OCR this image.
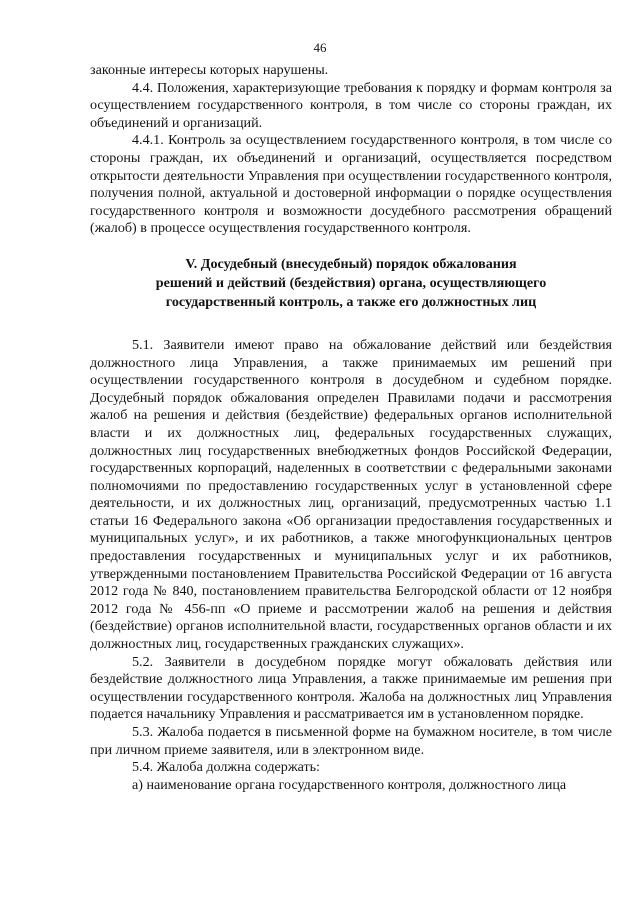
46

законные интересы которых нарушены.

4.4. Положения, характеризующие требования к порядку и формам контроля за осуществлением государственного контроля, в том числе со стороны граждан, их объединений и организаций.

4.4.1. Контроль за осуществлением государственного контроля, в том числе со стороны граждан, их объединений и организаций, осуществляется посредством открытости деятельности Управления при осуществлении государственного контроля, получения полной, актуальной и достоверной информации о порядке осуществления государственного контроля и возможности досудебного рассмотрения обращений (жалоб) в процессе осуществления государственного контроля.

V. Досудебный (внесудебный) порядок обжалования
решений и действий (бездействия) органа, осуществляющего
государственный контроль, а также его должностных лиц

5.1. Заявители имеют право на обжалование действий или бездействия должностного лица Управления, а также принимаемых им решений при осуществлении государственного контроля в досудебном и судебном порядке. Досудебный порядок обжалования определен Правилами подачи и рассмотрения жалоб на решения и действия (бездействие) федеральных органов исполнительной власти и их должностных лиц, федеральных государственных служащих, должностных лиц государственных внебюджетных фондов Российской Федерации, государственных корпораций, наделенных в соответствии с федеральными законами полномочиями по предоставлению государственных услуг в установленной сфере деятельности, и их должностных лиц, организаций, предусмотренных частью 1.1 статьи 16 Федерального закона «Об организации предоставления государственных и муниципальных услуг», и их работников, а также многофункциональных центров предоставления государственных и муниципальных услуг и их работников, утвержденными постановлением Правительства Российской Федерации от 16 августа 2012 года № 840, постановлением правительства Белгородской области от 12 ноября 2012 года № 456-пп «О приеме и рассмотрении жалоб на решения и действия (бездействие) органов исполнительной власти, государственных органов области и их должностных лиц, государственных гражданских служащих».

5.2. Заявители в досудебном порядке могут обжаловать действия или бездействие должностного лица Управления, а также принимаемые им решения при осуществлении государственного контроля. Жалоба на должностных лиц Управления подается начальнику Управления и рассматривается им в установленном порядке.

5.3. Жалоба подается в письменной форме на бумажном носителе, в том числе при личном приеме заявителя, или в электронном виде.

5.4. Жалоба должна содержать:

а) наименование органа государственного контроля, должностного лица
